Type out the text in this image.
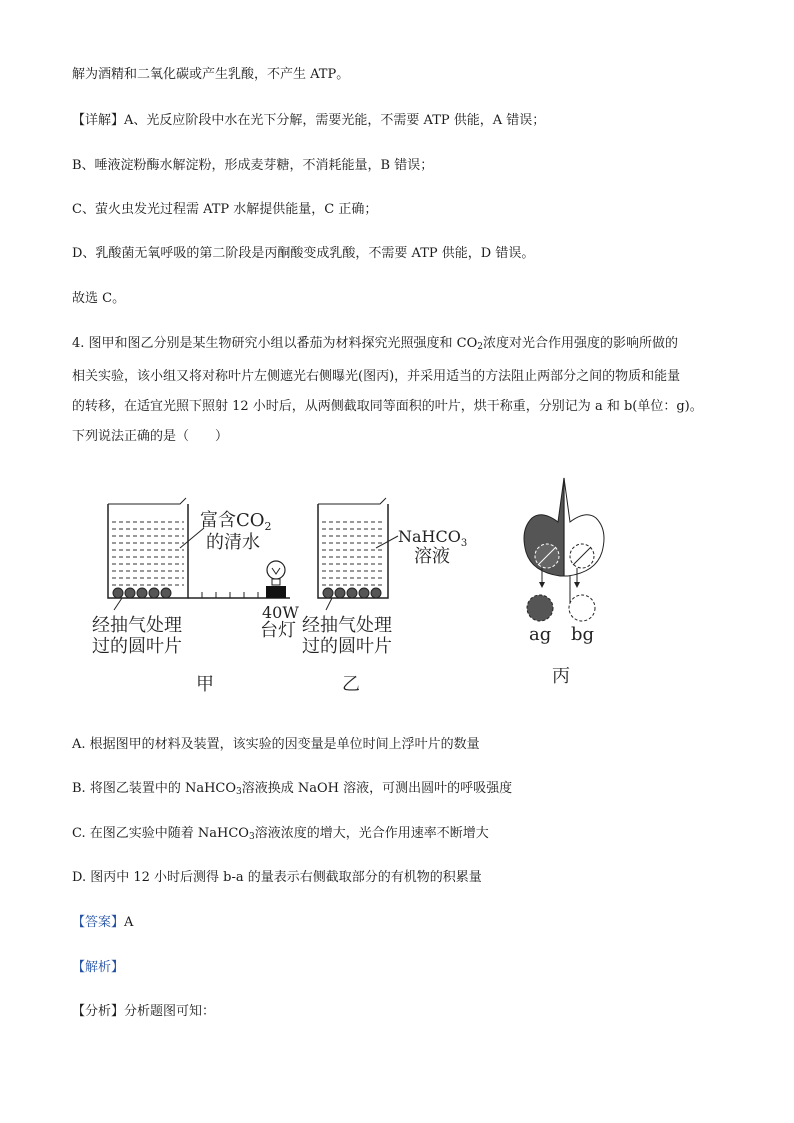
解为酒精和二氧化碳或产生乳酸，不产生 ATP。
【详解】A、光反应阶段中水在光下分解，需要光能，不需要 ATP 供能，A 错误；
B、唾液淀粉酶水解淀粉，形成麦芽糖，不消耗能量，B 错误；
C、萤火虫发光过程需 ATP 水解提供能量，C 正确；
D、乳酸菌无氧呼吸的第二阶段是丙酮酸变成乳酸，不需要 ATP 供能，D 错误。
故选 C。
4. 图甲和图乙分别是某生物研究小组以番茄为材料探究光照强度和 $CO_2$浓度对光合作用强度的影响所做的
相关实验，该小组又将对称叶片左侧遮光右侧曝光(图丙)，并采用适当的方法阻止两部分之间的物质和能量
的转移，在适宜光照下照射 12 小时后，从两侧截取同等面积的叶片，烘干称重，分别记为 a 和 b(单位：g)。
下列说法正确的是（　　）
富含$CO_2$
的清水
40W
台灯
经抽气处理
过的圆叶片
甲
NaHCO$_3$
溶液
经抽气处理
过的圆叶片
乙
ag bg
丙
A. 根据图甲的材料及装置，该实验的因变量是单位时间上浮叶片的数量
B. 将图乙装置中的 NaHCO$_3$溶液换成 NaOH 溶液，可测出圆叶的呼吸强度
C. 在图乙实验中随着 NaHCO$_3$溶液浓度的增大，光合作用速率不断增大
D. 图丙中 12 小时后测得 b-a 的量表示右侧截取部分的有机物的积累量
【答案】A
【解析】
【分析】分析题图可知：
